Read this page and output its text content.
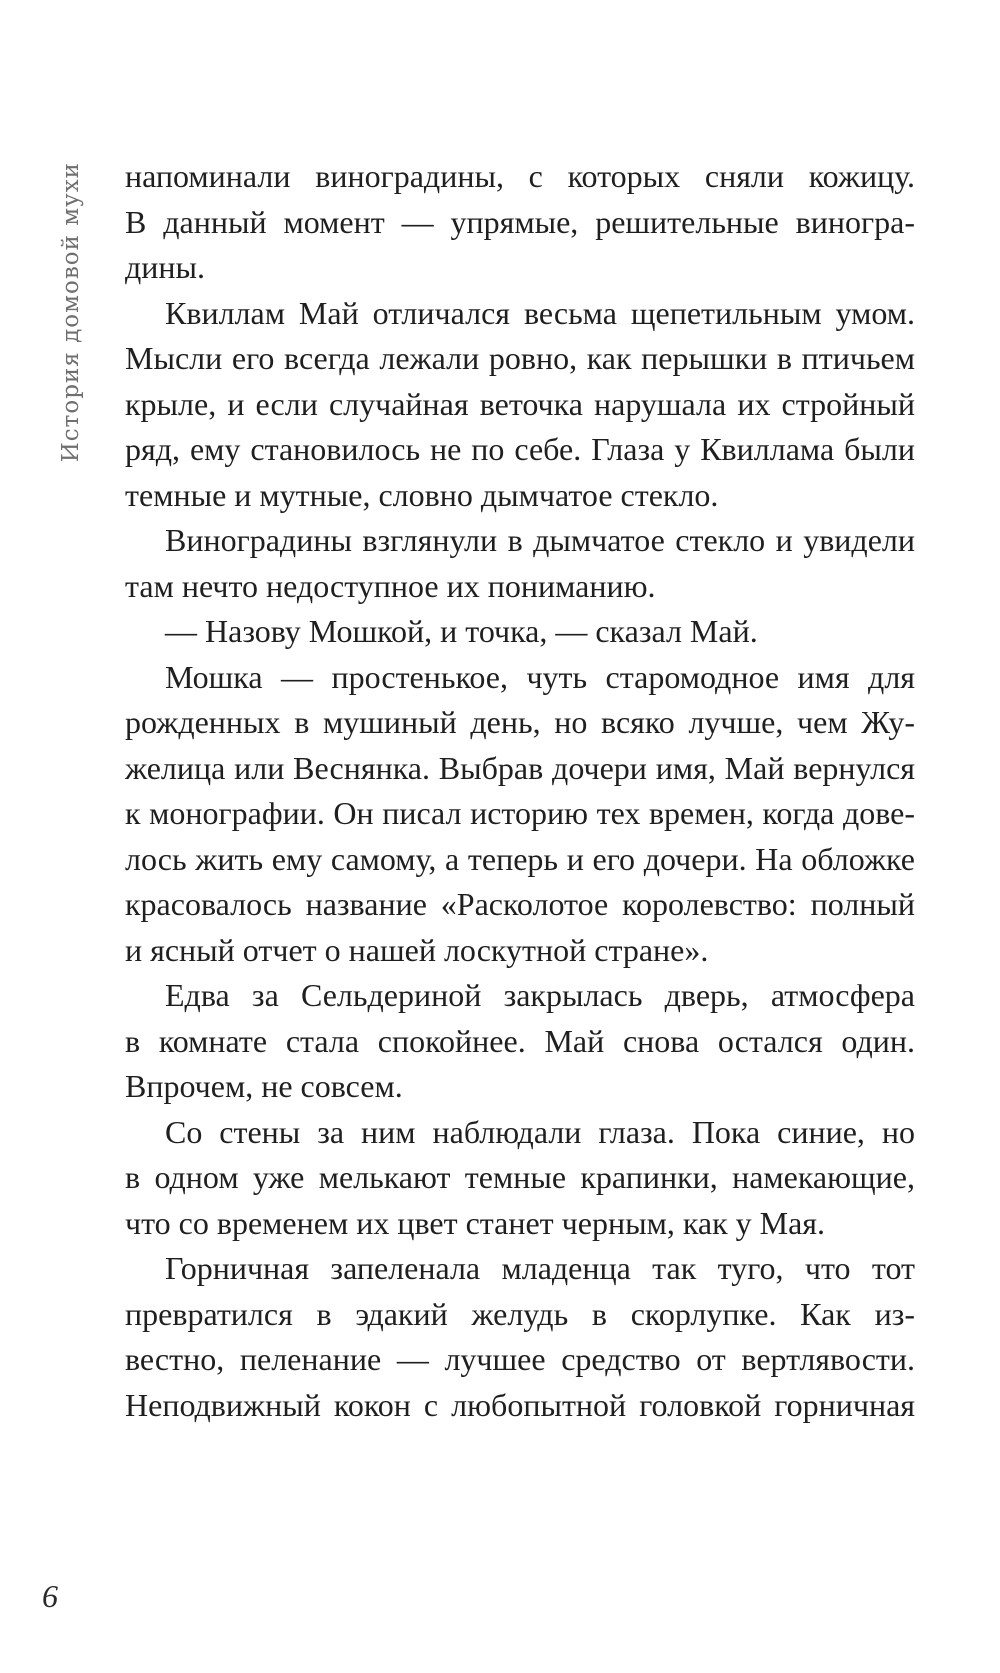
История домовой мухи напоминали виноградины, с которых сняли кожицу.
В данный момент — упрямые, решительные виногра-
дины.
Квиллам Май отличался весьма щепетильным умом.
Мысли его всегда лежали ровно, как перышки в птичьем
крыле, и если случайная веточка нарушала их стройный
ряд, ему становилось не по себе. Глаза у Квиллама были
темные и мутные, словно дымчатое стекло.
Виноградины взглянули в дымчатое стекло и увидели
там нечто недоступное их пониманию.
— Назову Мошкой, и точка, — сказал Май.
Мошка — простенькое, чуть старомодное имя для
рожденных в мушиный день, но всяко лучше, чем Жу-
желица или Веснянка. Выбрав дочери имя, Май вернулся
к монографии. Он писал историю тех времен, когда дове-
лось жить ему самому, а теперь и его дочери. На обложке
красовалось название «Расколотое королевство: полный
и ясный отчет о нашей лоскутной стране».
Едва за Сельдериной закрылась дверь, атмосфера
в комнате стала спокойнее. Май снова остался один.
Впрочем, не совсем.
Со стены за ним наблюдали глаза. Пока синие, но
в одном уже мелькают темные крапинки, намекающие,
что со временем их цвет станет черным, как у Мая.
Горничная запеленала младенца так туго, что тот
превратился в эдакий желудь в скорлупке. Как из-
вестно, пеленание — лучшее средство от вертлявости.
Неподвижный кокон с любопытной головкой горничная
6
